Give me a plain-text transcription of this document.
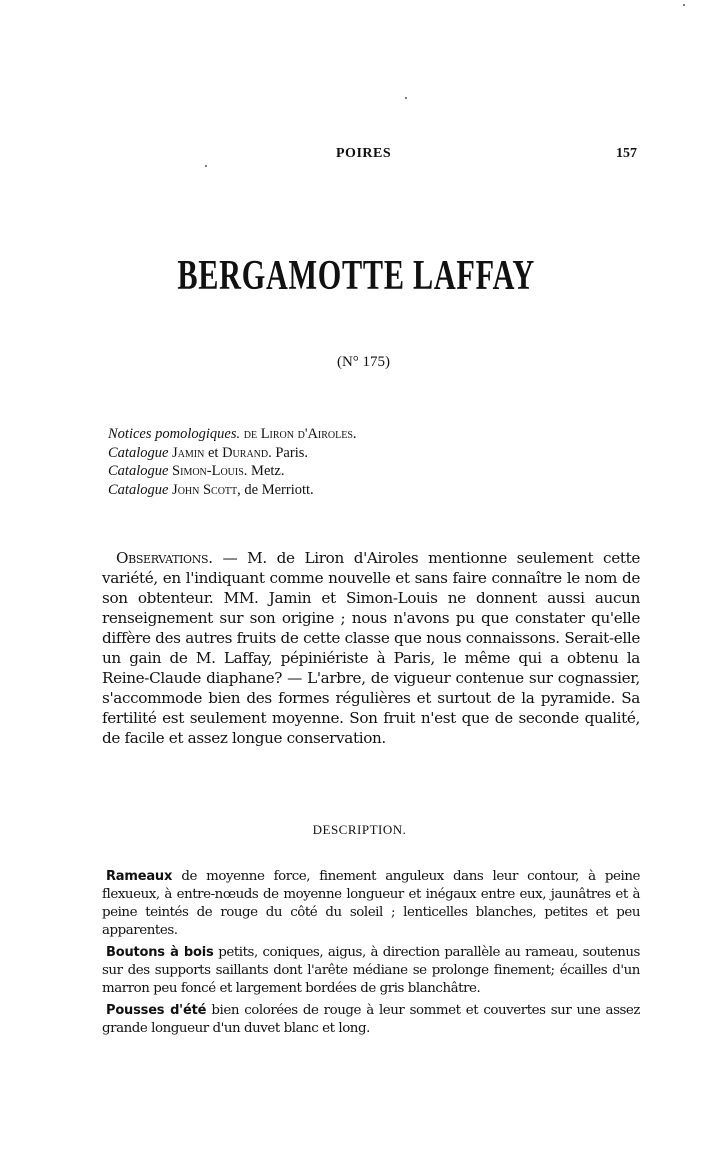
POIRES	157
BERGAMOTTE LAFFAY
(N° 175)
Notices pomologiques. de Liron d'Airoles.
Catalogue Jamin et Durand. Paris.
Catalogue Simon-Louis. Metz.
Catalogue John Scott, de Merriott.
Observations. — M. de Liron d'Airoles mentionne seulement cette variété, en l'indiquant comme nouvelle et sans faire connaître le nom de son obtenteur. MM. Jamin et Simon-Louis ne donnent aussi aucun renseignement sur son origine ; nous n'avons pu que constater qu'elle diffère des autres fruits de cette classe que nous connaissons. Serait-elle un gain de M. Laffay, pépiniériste à Paris, le même qui a obtenu la Reine-Claude diaphane? — L'arbre, de vigueur contenue sur cognassier, s'accommode bien des formes régulières et surtout de la pyramide. Sa fertilité est seulement moyenne. Son fruit n'est que de seconde qualité, de facile et assez longue conservation.
DESCRIPTION.

Rameaux de moyenne force, finement anguleux dans leur contour, à peine flexueux, à entre-nœuds de moyenne longueur et inégaux entre eux, jaunâtres et à peine teintés de rouge du côté du soleil ; lenticelles blanches, petites et peu apparentes.

Boutons à bois petits, coniques, aigus, à direction parallèle au rameau, soutenus sur des supports saillants dont l'arête médiane se prolonge finement; écailles d'un marron peu foncé et largement bordées de gris blanchâtre.

Pousses d'été bien colorées de rouge à leur sommet et couvertes sur une assez grande longueur d'un duvet blanc et long.
